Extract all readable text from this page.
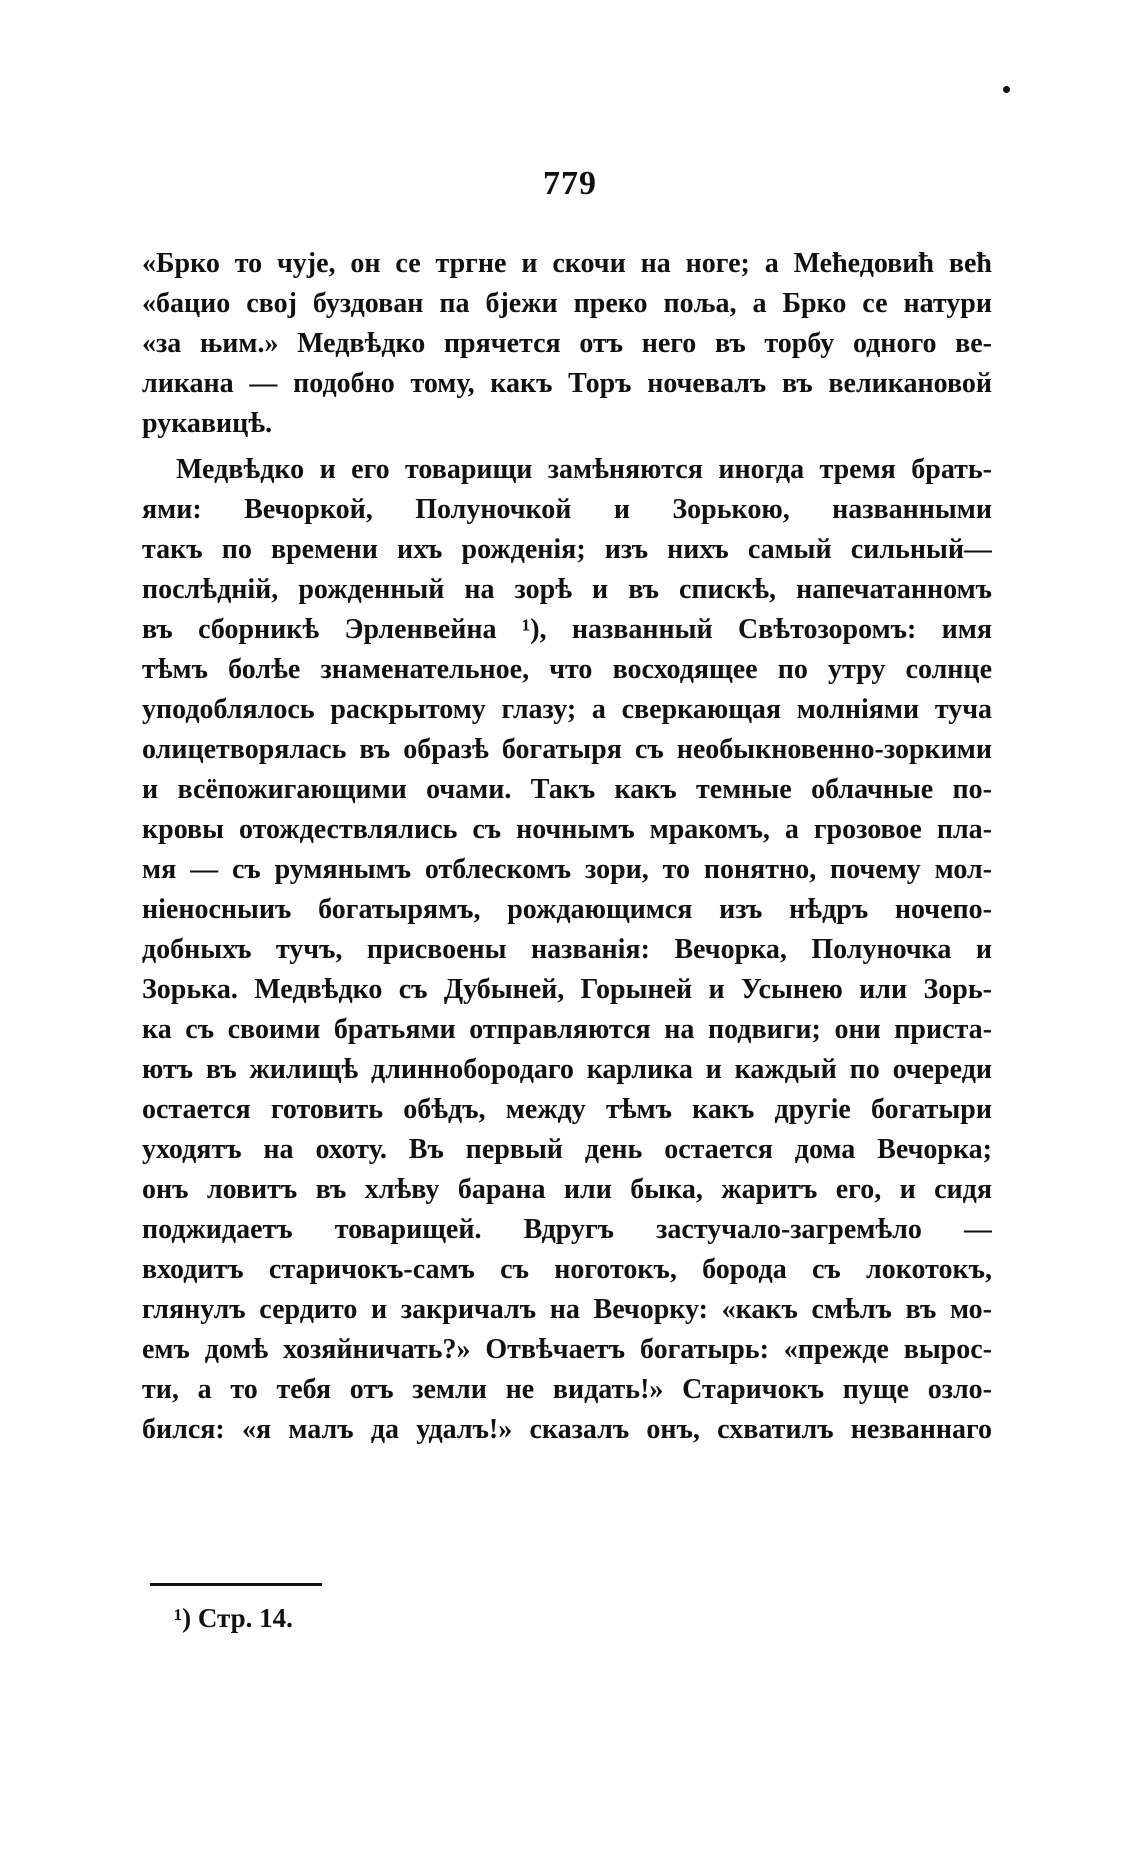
779
«Брко то чује, он се тргне и скочи на ноге; а Мећедовић већ
«бацио свој буздован па бјежи преко поља, а Брко се натури
«за њим.» Медвѣдко прячется отъ него въ торбу одного ве-
ликана — подобно тому, какъ Торъ ночевалъ въ великановой
рукавицѣ.
Медвѣдко и его товарищи замѣняются иногда тремя брать-
ями: Вечоркой, Полуночкой и Зорькою, названными
такъ по времени ихъ рожденія; изъ нихъ самый сильный—
послѣдній, рожденный на зорѣ и въ спискѣ, напечатанномъ
въ сборникѣ Эрленвейна ¹), названный Свѣтозоромъ: имя
тѣмъ болѣе знаменательное, что восходящее по утру солнце
уподоблялось раскрытому глазу; а сверкающая молніями туча
олицетворялась въ образѣ богатыря съ необыкновенно-зоркими
и всёпожигающими очами. Такъ какъ темные облачные по-
кровы отождествлялись съ ночнымъ мракомъ, а грозовое пла-
мя — съ румянымъ отблескомъ зори, то понятно, почему мол-
ніеносныиъ богатырямъ, рождающимся изъ нѣдръ ночепо-
добныхъ тучъ, присвоены названія: Вечорка, Полуночка и
Зорька. Медвѣдко съ Дубыней, Горыней и Усынею или Зорь-
ка съ своими братьями отправляются на подвиги; они приста-
ютъ въ жилищѣ длиннобородаго карлика и каждый по очереди
остается готовить обѣдъ, между тѣмъ какъ другіе богатыри
уходятъ на охоту. Въ первый день остается дома Вечорка;
онъ ловитъ въ хлѣву барана или быка, жаритъ его, и сидя
поджидаетъ товарищей. Вдругъ застучало-загремѣло —
входитъ старичокъ-самъ съ ноготокъ, борода съ локотокъ,
глянулъ сердито и закричалъ на Вечорку: «какъ смѣлъ въ мо-
емъ домѣ хозяйничать?» Отвѣчаетъ богатырь: «прежде вырос-
ти, а то тебя отъ земли не видать!» Старичокъ пуще озло-
бился: «я малъ да удалъ!» сказалъ онъ, схватилъ незваннаго
¹) Стр. 14.
